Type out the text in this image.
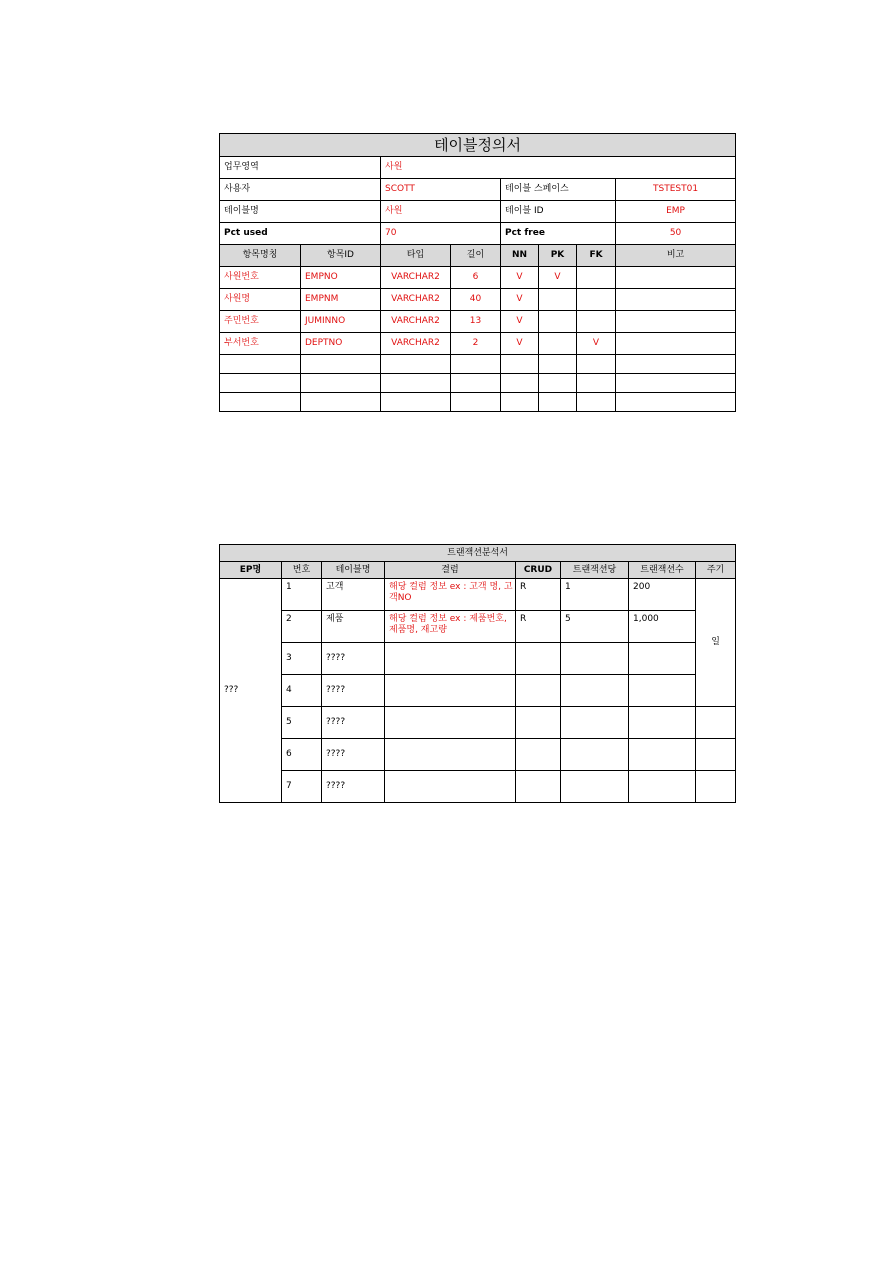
테이블정의서							
업무영역		사원					
사용자		SCOTT		테이블 스페이스			TSTEST01
테이블명		사원		테이블 ID			EMP
Pct used		70		Pct free			50
항목명칭	항목ID	타입	길이	NN	PK	FK	비고
사원번호	EMPNO	VARCHAR2	6	V	V		
사원명	EMPNM	VARCHAR2	40	V			
주민번호	JUMINNO	VARCHAR2	13	V			
부서번호	DEPTNO	VARCHAR2	2	V		V	

트랜잭션분석서							
EP명	번호	테이블명	결럼	CRUD	트랜잭션당	트랜잭션수	주기
???	1	고객	해당 컬럼 정보 ex : 고객 명, 고객NO	R	1	200	일
	2	제품	해당 컬럼 정보 ex : 제품번호, 제품명, 재고량	R	5	1,000	
	3	????					
	4	????					
	5	????					
	6	????					
	7	????					
